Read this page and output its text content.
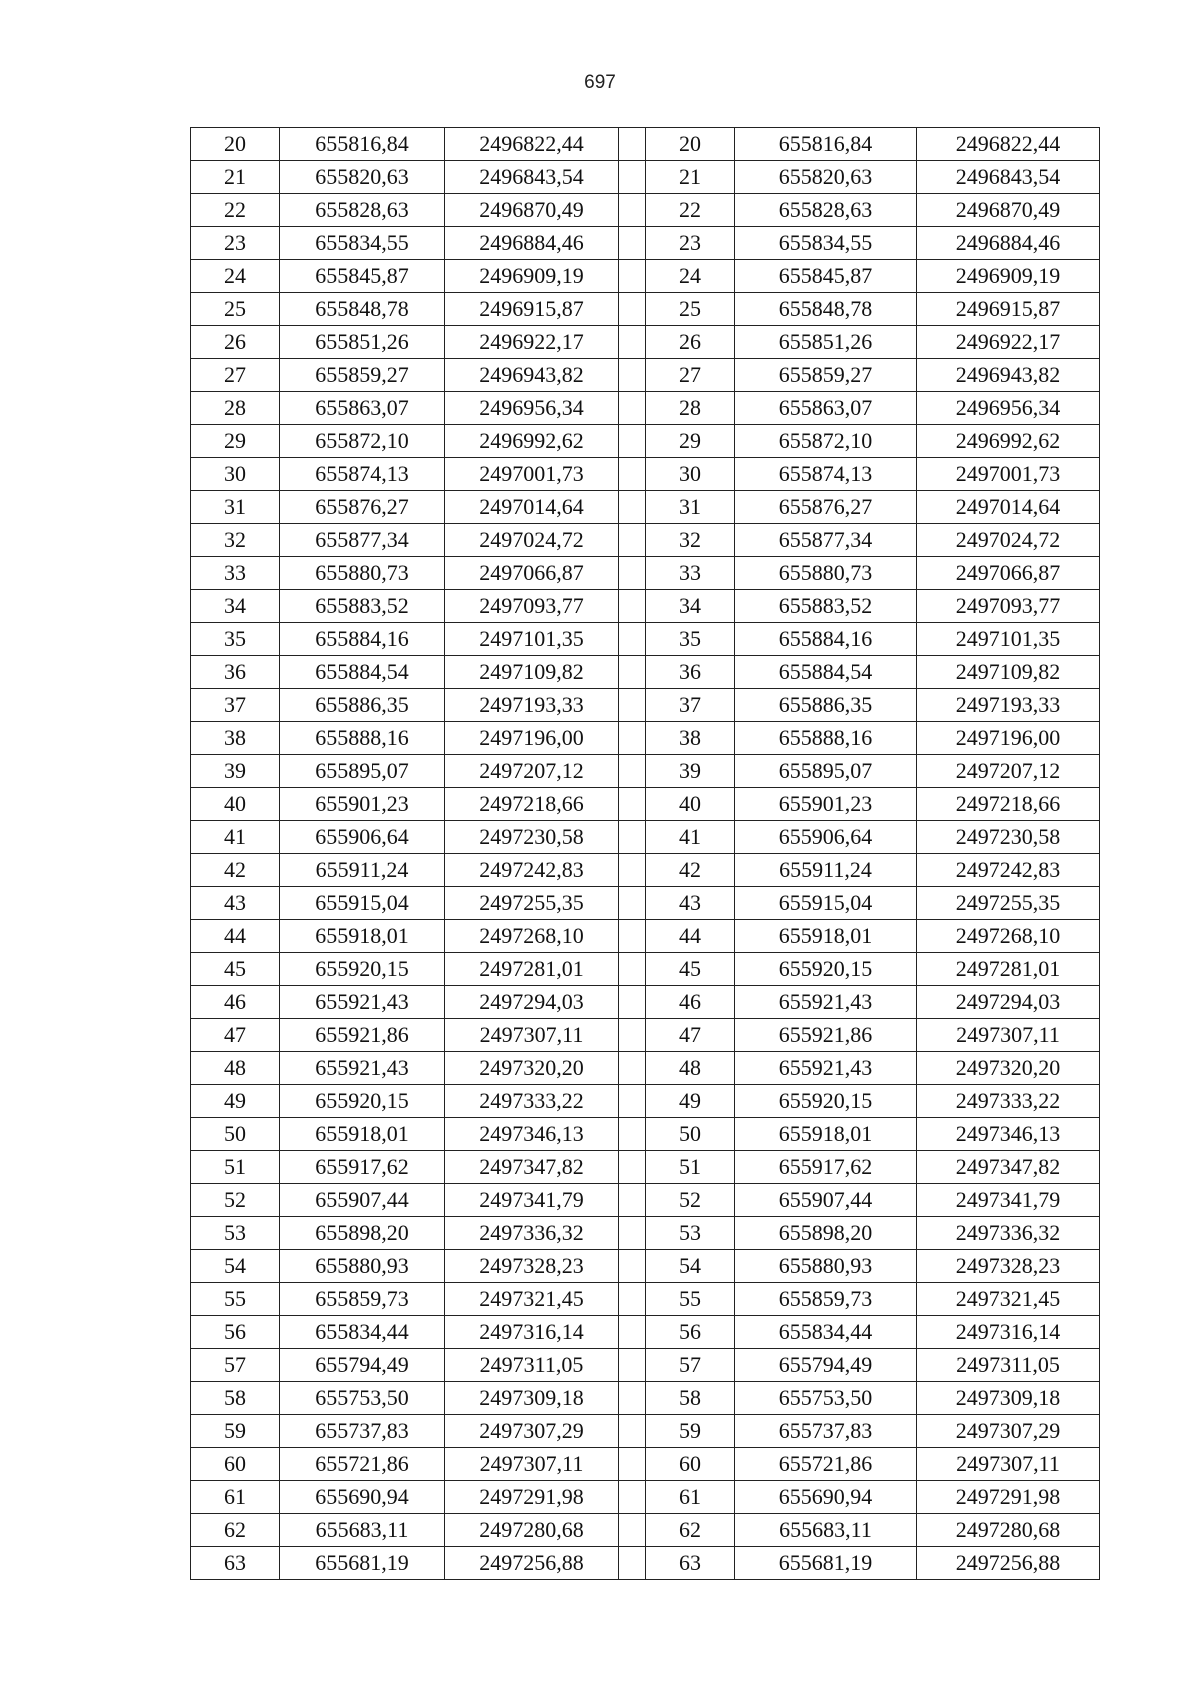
697
20	655816,84	2496822,44		20	655816,84	2496822,44
21	655820,63	2496843,54		21	655820,63	2496843,54
22	655828,63	2496870,49		22	655828,63	2496870,49
23	655834,55	2496884,46		23	655834,55	2496884,46
24	655845,87	2496909,19		24	655845,87	2496909,19
25	655848,78	2496915,87		25	655848,78	2496915,87
26	655851,26	2496922,17		26	655851,26	2496922,17
27	655859,27	2496943,82		27	655859,27	2496943,82
28	655863,07	2496956,34		28	655863,07	2496956,34
29	655872,10	2496992,62		29	655872,10	2496992,62
30	655874,13	2497001,73		30	655874,13	2497001,73
31	655876,27	2497014,64		31	655876,27	2497014,64
32	655877,34	2497024,72		32	655877,34	2497024,72
33	655880,73	2497066,87		33	655880,73	2497066,87
34	655883,52	2497093,77		34	655883,52	2497093,77
35	655884,16	2497101,35		35	655884,16	2497101,35
36	655884,54	2497109,82		36	655884,54	2497109,82
37	655886,35	2497193,33		37	655886,35	2497193,33
38	655888,16	2497196,00		38	655888,16	2497196,00
39	655895,07	2497207,12		39	655895,07	2497207,12
40	655901,23	2497218,66		40	655901,23	2497218,66
41	655906,64	2497230,58		41	655906,64	2497230,58
42	655911,24	2497242,83		42	655911,24	2497242,83
43	655915,04	2497255,35		43	655915,04	2497255,35
44	655918,01	2497268,10		44	655918,01	2497268,10
45	655920,15	2497281,01		45	655920,15	2497281,01
46	655921,43	2497294,03		46	655921,43	2497294,03
47	655921,86	2497307,11		47	655921,86	2497307,11
48	655921,43	2497320,20		48	655921,43	2497320,20
49	655920,15	2497333,22		49	655920,15	2497333,22
50	655918,01	2497346,13		50	655918,01	2497346,13
51	655917,62	2497347,82		51	655917,62	2497347,82
52	655907,44	2497341,79		52	655907,44	2497341,79
53	655898,20	2497336,32		53	655898,20	2497336,32
54	655880,93	2497328,23		54	655880,93	2497328,23
55	655859,73	2497321,45		55	655859,73	2497321,45
56	655834,44	2497316,14		56	655834,44	2497316,14
57	655794,49	2497311,05		57	655794,49	2497311,05
58	655753,50	2497309,18		58	655753,50	2497309,18
59	655737,83	2497307,29		59	655737,83	2497307,29
60	655721,86	2497307,11		60	655721,86	2497307,11
61	655690,94	2497291,98		61	655690,94	2497291,98
62	655683,11	2497280,68		62	655683,11	2497280,68
63	655681,19	2497256,88		63	655681,19	2497256,88
